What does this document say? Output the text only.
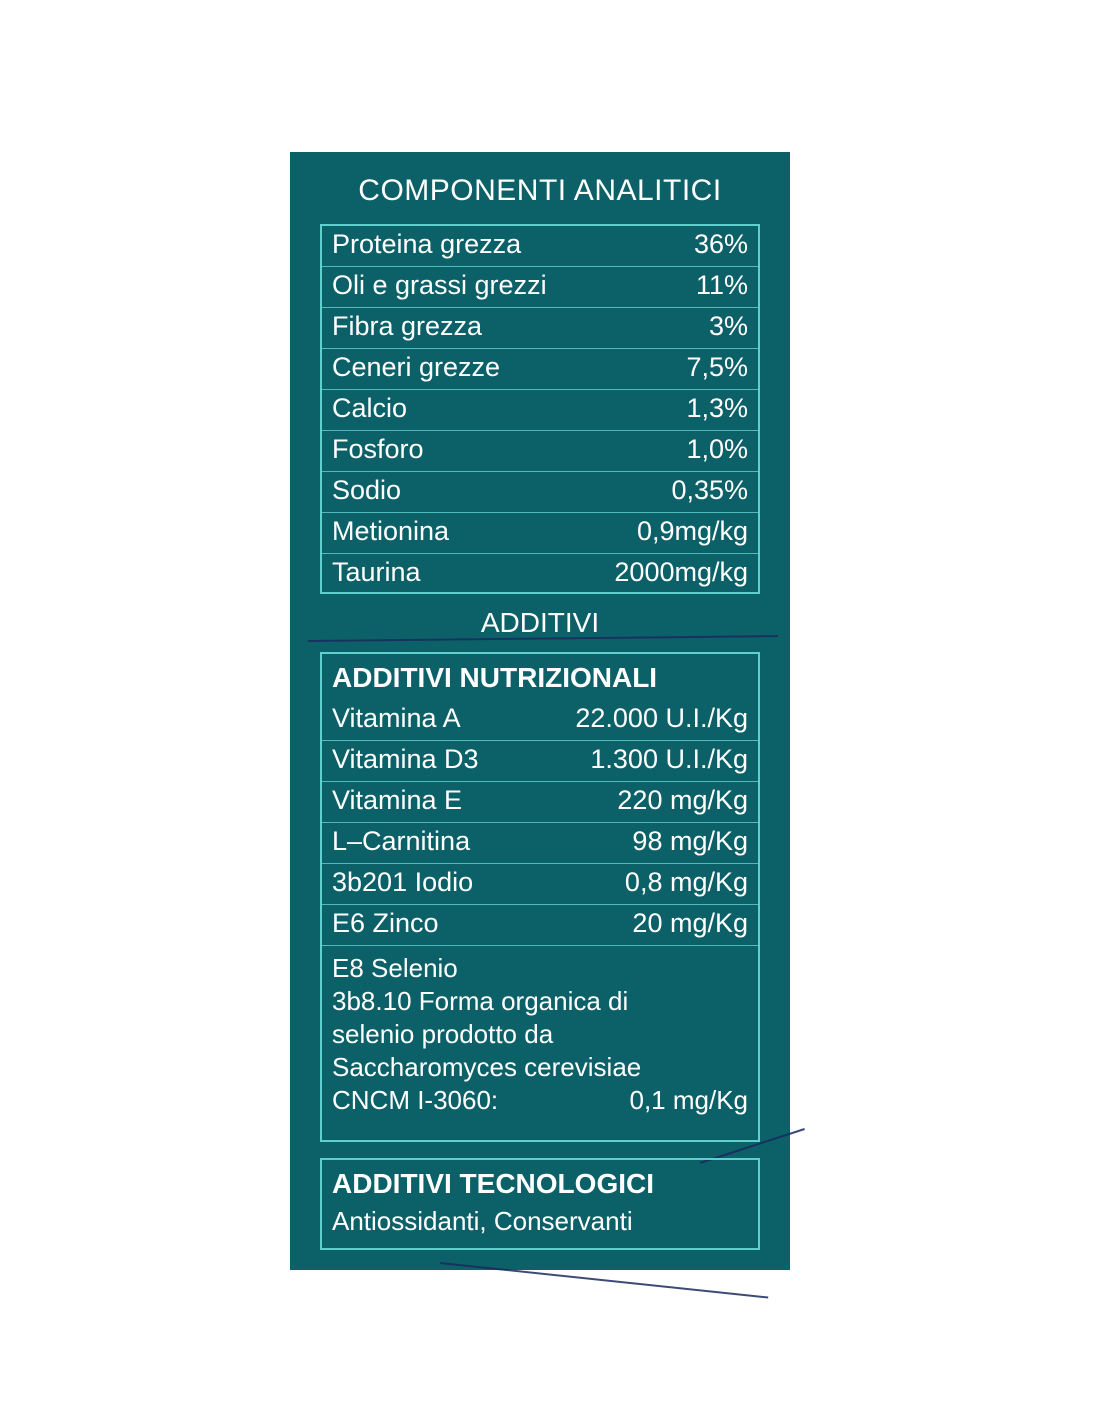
COMPONENTI ANALITICI
Proteina grezza	36%
Oli e grassi grezzi	11%
Fibra grezza	3%
Ceneri grezze	7,5%
Calcio	1,3%
Fosforo	1,0%
Sodio	0,35%
Metionina	0,9mg/kg
Taurina	2000mg/kg
ADDITIVI
ADDITIVI NUTRIZIONALI
Vitamina A	22.000 U.I./Kg
Vitamina D3	1.300 U.I./Kg
Vitamina E	220 mg/Kg
L–Carnitina	98 mg/Kg
3b201 Iodio	0,8 mg/Kg
E6 Zinco	20 mg/Kg
E8 Selenio
3b8.10 Forma organica di
selenio prodotto da
Saccharomyces cerevisiae
CNCM I-3060:	0,1 mg/Kg
ADDITIVI TECNOLOGICI
Antiossidanti, Conservanti
